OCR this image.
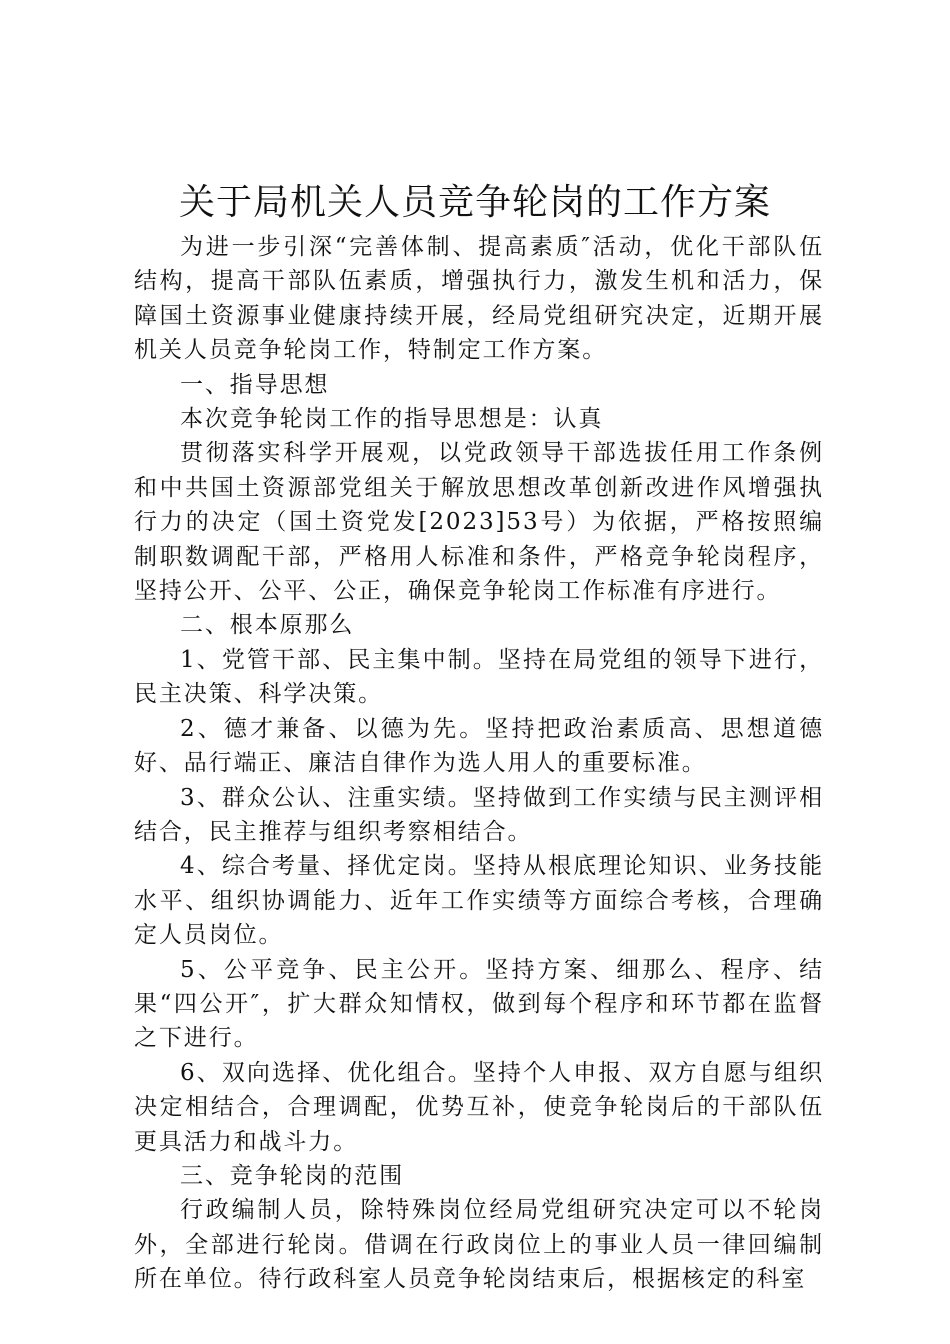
关于局机关人员竞争轮岗的工作方案

为进一步引深“完善体制、提高素质″活动，优化干部队伍结构，提高干部队伍素质，增强执行力，激发生机和活力，保障国土资源事业健康持续开展，经局党组研究决定，近期开展机关人员竞争轮岗工作，特制定工作方案。

一、指导思想

本次竞争轮岗工作的指导思想是：认真

贯彻落实科学开展观，以党政领导干部选拔任用工作条例和中共国土资源部党组关于解放思想改革创新改进作风增强执行力的决定（国土资党发[2023]53号）为依据，严格按照编制职数调配干部，严格用人标准和条件，严格竞争轮岗程序，坚持公开、公平、公正，确保竞争轮岗工作标准有序进行。

二、根本原那么

1、党管干部、民主集中制。坚持在局党组的领导下进行，民主决策、科学决策。

2、德才兼备、以德为先。坚持把政治素质高、思想道德好、品行端正、廉洁自律作为选人用人的重要标准。

3、群众公认、注重实绩。坚持做到工作实绩与民主测评相结合，民主推荐与组织考察相结合。

4、综合考量、择优定岗。坚持从根底理论知识、业务技能水平、组织协调能力、近年工作实绩等方面综合考核，合理确定人员岗位。

5、公平竞争、民主公开。坚持方案、细那么、程序、结果“四公开″，扩大群众知情权，做到每个程序和环节都在监督之下进行。

6、双向选择、优化组合。坚持个人申报、双方自愿与组织决定相结合，合理调配，优势互补，使竞争轮岗后的干部队伍更具活力和战斗力。

三、竞争轮岗的范围

行政编制人员，除特殊岗位经局党组研究决定可以不轮岗外，全部进行轮岗。借调在行政岗位上的事业人员一律回编制所在单位。待行政科室人员竞争轮岗结束后，根据核定的科室
